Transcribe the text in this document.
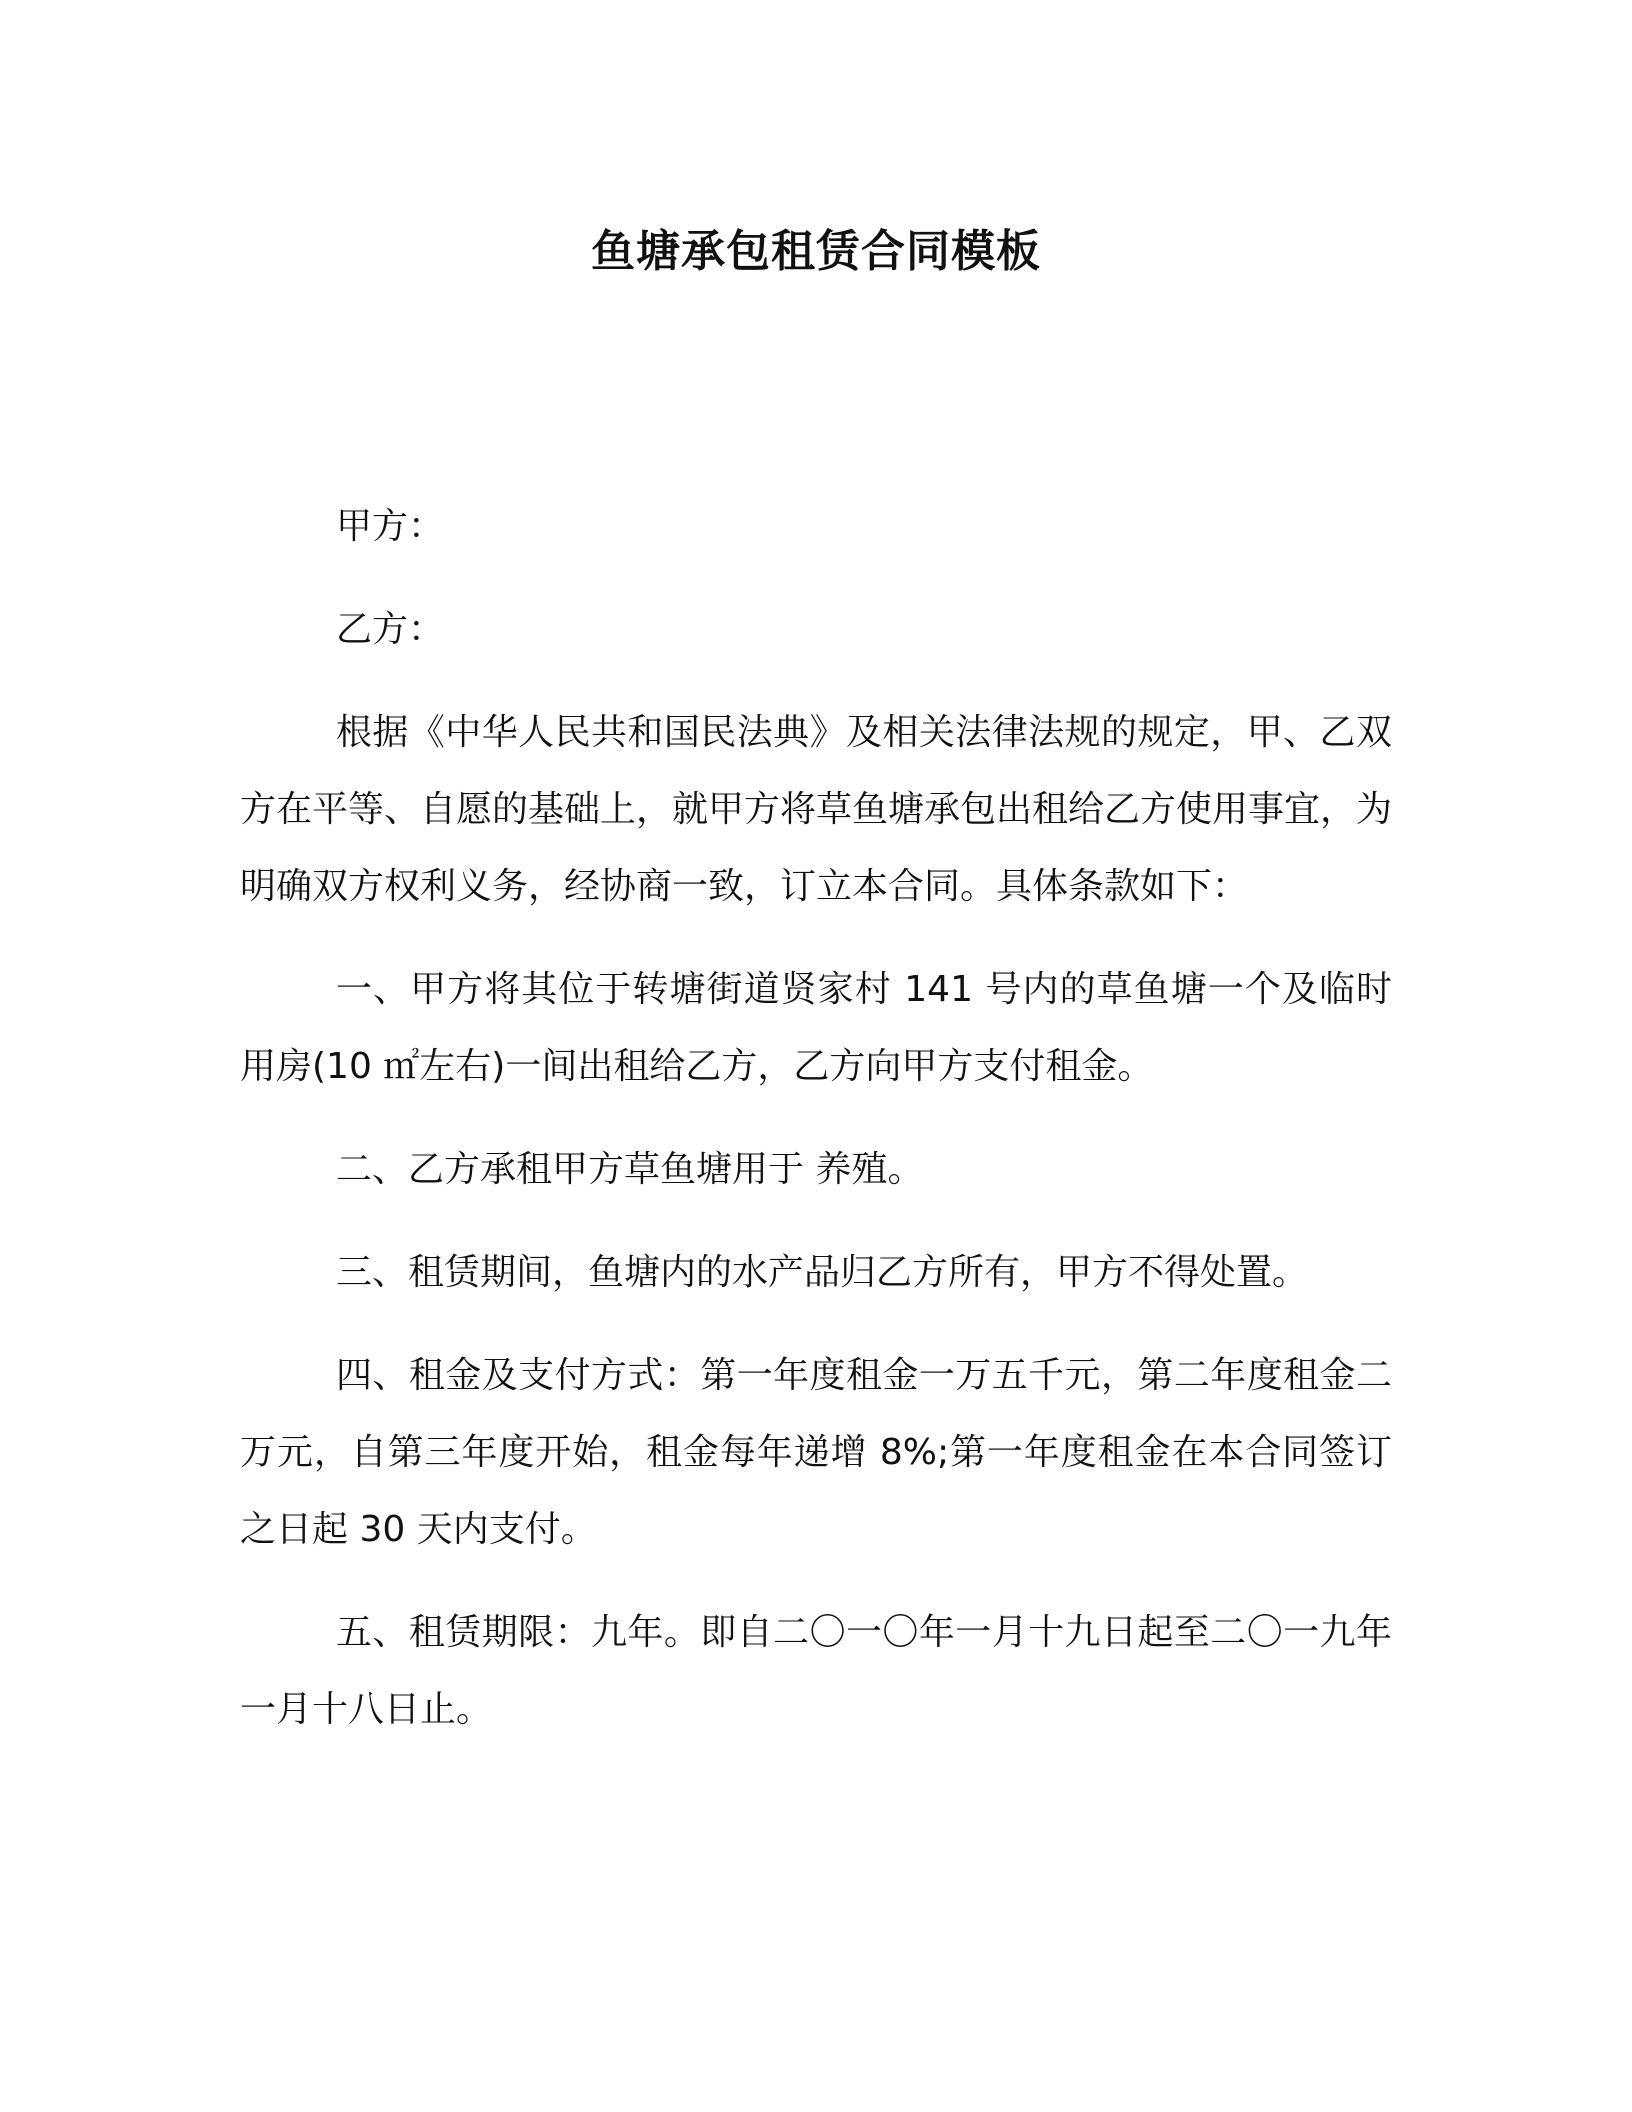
鱼塘承包租赁合同模板

甲方：

乙方：

根据《中华人民共和国民法典》及相关法律法规的规定，甲、乙双方在平等、自愿的基础上，就甲方将草鱼塘承包出租给乙方使用事宜，为明确双方权利义务，经协商一致，订立本合同。具体条款如下：

一、甲方将其位于转塘街道贤家村 141 号内的草鱼塘一个及临时用房(10 ㎡左右)一间出租给乙方，乙方向甲方支付租金。

二、乙方承租甲方草鱼塘用于 养殖。

三、租赁期间，鱼塘内的水产品归乙方所有，甲方不得处置。

四、租金及支付方式：第一年度租金一万五千元，第二年度租金二万元，自第三年度开始，租金每年递增 8%;第一年度租金在本合同签订之日起 30 天内支付。

五、租赁期限：九年。即自二〇一〇年一月十九日起至二〇一九年一月十八日止。
